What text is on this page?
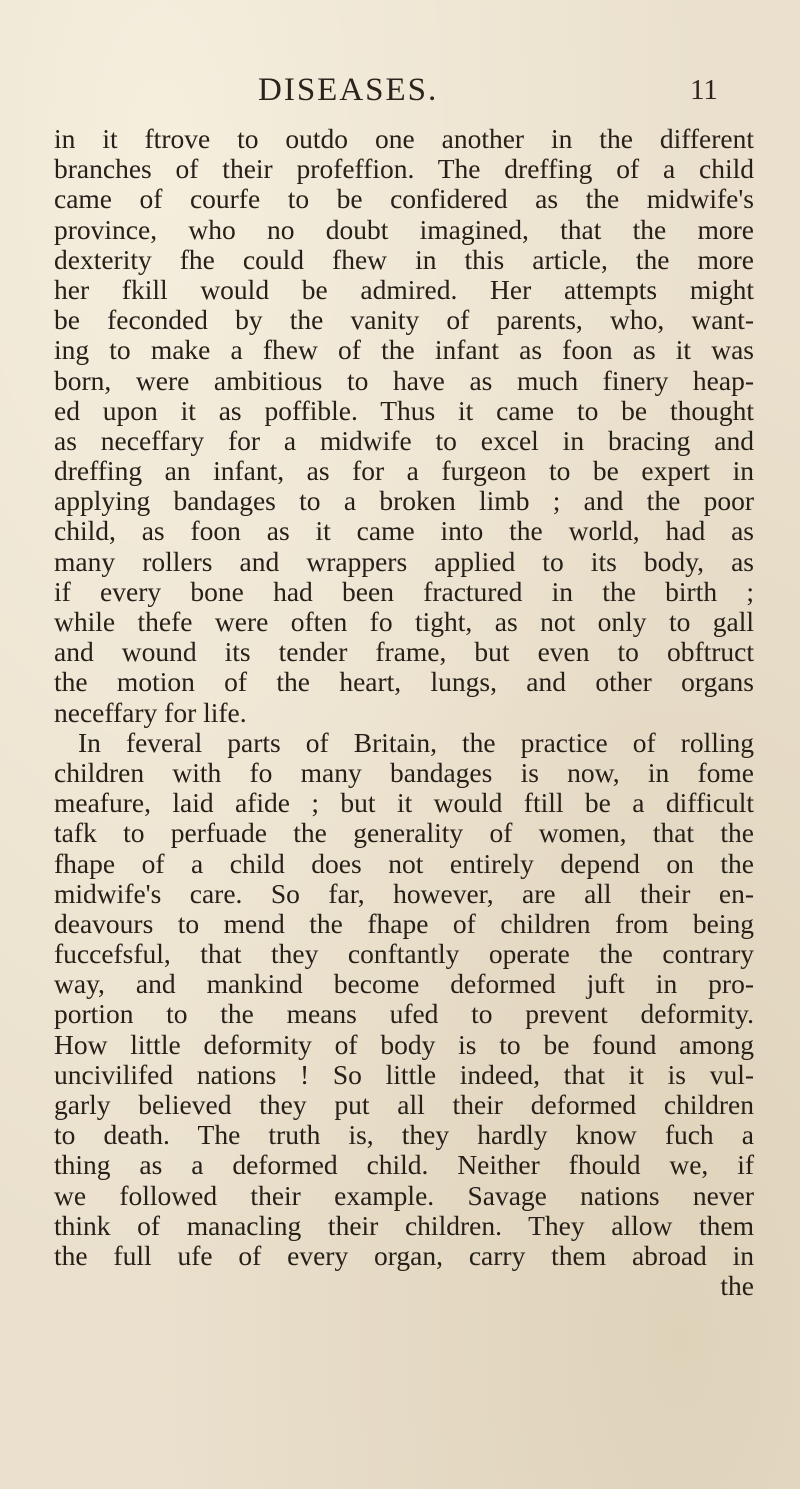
DISEASES.	11
in it ftrove to outdo one another in the different
branches of their profeffion. The dreffing of a child
came of courfe to be confidered as the midwife's
province, who no doubt imagined, that the more
dexterity fhe could fhew in this article, the more
her fkill would be admired. Her attempts might
be feconded by the vanity of parents, who, want-
ing to make a fhew of the infant as foon as it was
born, were ambitious to have as much finery heap-
ed upon it as poffible. Thus it came to be thought
as neceffary for a midwife to excel in bracing and
dreffing an infant, as for a furgeon to be expert in
applying bandages to a broken limb ; and the poor
child, as foon as it came into the world, had as
many rollers and wrappers applied to its body, as
if every bone had been fractured in the birth ;
while thefe were often fo tight, as not only to gall
and wound its tender frame, but even to obftruct
the motion of the heart, lungs, and other organs
neceffary for life.
In feveral parts of Britain, the practice of rolling
children with fo many bandages is now, in fome
meafure, laid afide ; but it would ftill be a difficult
tafk to perfuade the generality of women, that the
fhape of a child does not entirely depend on the
midwife's care. So far, however, are all their en-
deavours to mend the fhape of children from being
fuccefsful, that they conftantly operate the contrary
way, and mankind become deformed juft in pro-
portion to the means ufed to prevent deformity.
How little deformity of body is to be found among
uncivilifed nations ! So little indeed, that it is vul-
garly believed they put all their deformed children
to death. The truth is, they hardly know fuch a
thing as a deformed child. Neither fhould we, if
we followed their example. Savage nations never
think of manacling their children. They allow them
the full ufe of every organ, carry them abroad in
the
